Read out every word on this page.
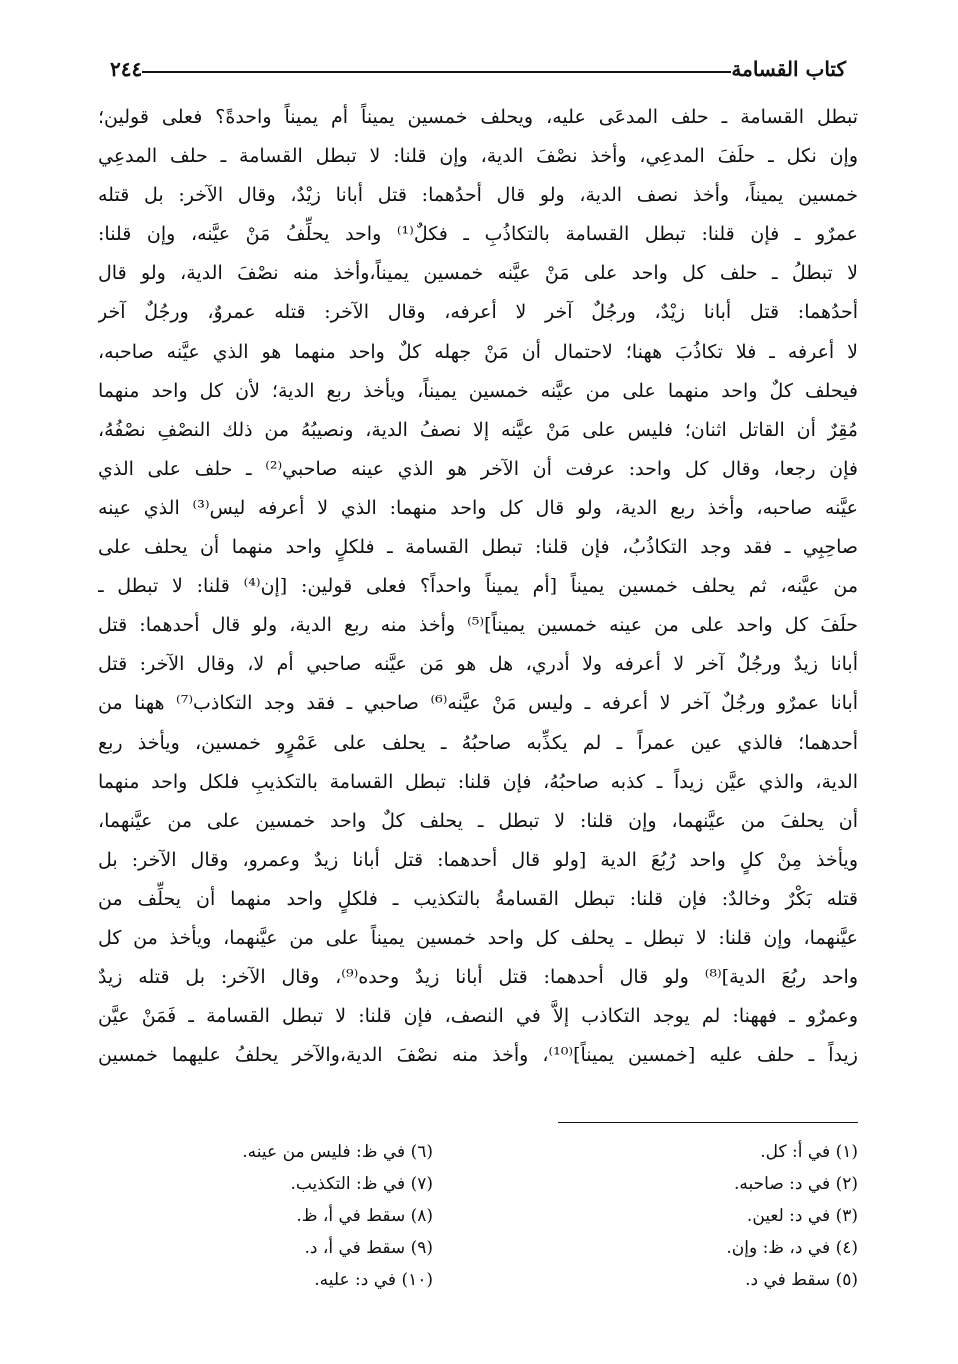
كتاب القسامة
٢٤٤
تبطل القسامة ـ حلف المدعَى عليه، ويحلف خمسين يميناً أم يميناً واحدةً؟ فعلى قولين؛
وإن نكل ـ حلَفَ المدعِي، وأخذ نصْفَ الدية، وإن قلنا: لا تبطل القسامة ـ حلف المدعِي
خمسين يميناً، وأخذ نصف الدية، ولو قال أحدُهما: قتل أبانا زيْدٌ، وقال الآخر: بل قتله
عمرٌو ـ فإن قلنا: تبطل القسامة بالتكاذُبِ ـ فكلٌ⁽¹⁾ واحد يحلِّفُ مَنْ عيَّنه، وإن قلنا:
لا تبطلُ ـ حلف كل واحد على مَنْ عيَّنه خمسين يميناً،وأخذ منه نصْفَ الدية، ولو قال
أحدُهما: قتل أبانا زيْدٌ، ورجُلٌ آخر لا أعرفه، وقال الآخر: قتله عمروٌ، ورجُلٌ آخر
لا أعرفه ـ فلا تكاذُبَ ههنا؛ لاحتمال أن مَنْ جهله كلٌ واحد منهما هو الذي عيَّنه صاحبه،
فيحلف كلٌ واحد منهما على من عيَّنه خمسين يميناً، ويأخذ ربع الدية؛ لأن كل واحد منهما
مُقِرٌ أن القاتل اثنان؛ فليس على مَنْ عيَّنه إلا نصفُ الدية، ونصيبُهُ من ذلك النصْفِ نصْفُهُ،
فإن رجعا، وقال كل واحد: عرفت أن الآخر هو الذي عينه صاحبي⁽²⁾ ـ حلف على الذي
عيَّنه صاحبه، وأخذ ربع الدية، ولو قال كل واحد منهما: الذي لا أعرفه ليس⁽³⁾ الذي عينه
صاحِبِي ـ فقد وجد التكاذُبُ، فإن قلنا: تبطل القسامة ـ فلكلٍ واحد منهما أن يحلف على
من عيَّنه، ثم يحلف خمسين يميناً [أم يميناً واحداً؟ فعلى قولين: [إن⁽⁴⁾ قلنا: لا تبطل ـ
حلَفَ كل واحد على من عينه خمسين يميناً]⁽⁵⁾ وأخذ منه ربع الدية، ولو قال أحدهما: قتل
أبانا زيدٌ ورجُلٌ آخر لا أعرفه ولا أدري، هل هو مَن عيَّنه صاحبي أم لا، وقال الآخر: قتل
أبانا عمرٌو ورجُلٌ آخر لا أعرفه ـ وليس مَنْ عيَّنه⁽⁶⁾ صاحبي ـ فقد وجد التكاذب⁽⁷⁾ ههنا من
أحدهما؛ فالذي عين عمراً ـ لم يكذِّبه صاحبُهُ ـ يحلف على عَمْرٍو خمسين، ويأخذ ربع
الدية، والذي عيَّن زيداً ـ كذبه صاحبُهُ، فإن قلنا: تبطل القسامة بالتكذيبِ فلكل واحد منهما
أن يحلفَ من عيَّنهما، وإن قلنا: لا تبطل ـ يحلف كلٌ واحد خمسين على من عيَّنهما،
ويأخذ مِنْ كلٍ واحد رُبُعَ الدية [ولو قال أحدهما: قتل أبانا زيدٌ وعمرو، وقال الآخر: بل
قتله بَكْرٌ وخالدٌ: فإن قلنا: تبطل القسامةُ بالتكذيب ـ فلكلٍ واحد منهما أن يحلِّف من
عيَّنهما، وإن قلنا: لا تبطل ـ يحلف كل واحد خمسين يميناً على من عيَّنهما، ويأخذ من كل
واحد ربُعَ الدية]⁽⁸⁾ ولو قال أحدهما: قتل أبانا زيدٌ وحده⁽⁹⁾، وقال الآخر: بل قتله زيدٌ
وعمرٌو ـ فههنا: لم يوجد التكاذب إلاَّ في النصف، فإن قلنا: لا تبطل القسامة ـ فَمَنْ عيَّن
زيداً ـ حلف عليه [خمسين يميناً]⁽¹⁰⁾، وأخذ منه نصْفَ الدية،والآخر يحلفُ عليهما خمسين
(١) في أ: كل.
(٢) في د: صاحبه.
(٣) في د: لعين.
(٤) في د، ظ: وإن.
(٥) سقط في د.
(٦) في ظ: فليس من عينه.
(٧) في ظ: التكذيب.
(٨) سقط في أ، ظ.
(٩) سقط في أ، د.
(١٠) في د: عليه.
